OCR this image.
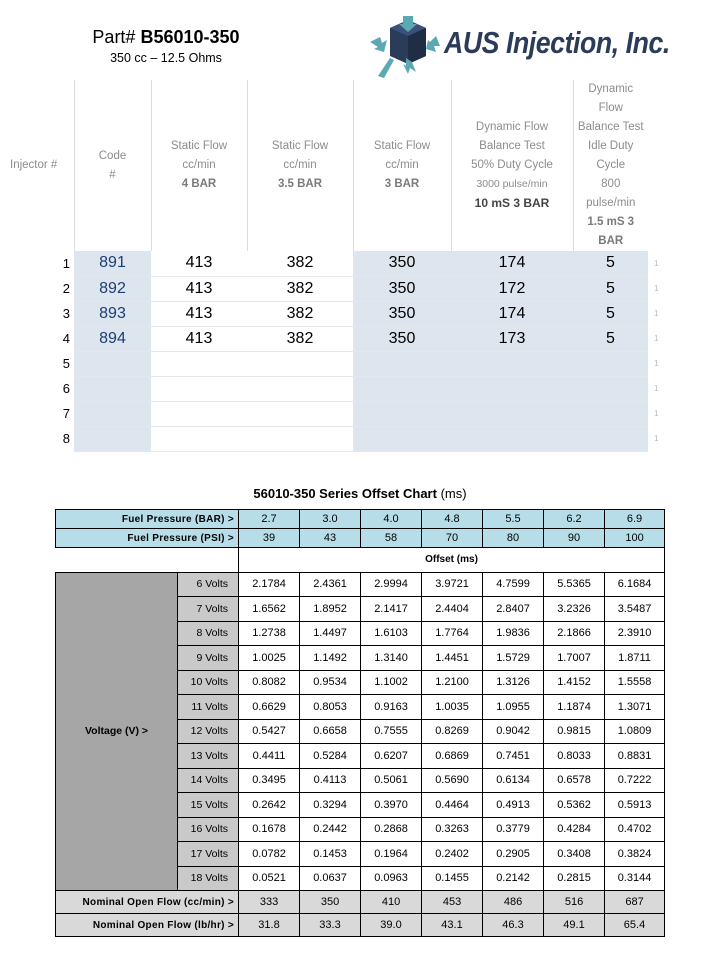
Part# B56010-350
350 cc – 12.5 Ohms	AUS Injection, Inc.
Injector #	Code
#	Static Flow
cc/min
4 BAR	Static Flow
cc/min
3.5 BAR	Static Flow
cc/min
3 BAR	Dynamic Flow
Balance Test
50% Duty Cycle
3000 pulse/min
10 mS 3 BAR	Dynamic Flow
Balance Test
Idle Duty Cycle
800 pulse/min
1.5 mS 3 BAR	
1	891	413	382	350	174	5	1
2	892	413	382	350	172	5	1
3	893	413	382	350	174	5	1
4	894	413	382	350	173	5	1
5							1
6							1
7							1
8							1
56010-350 Series Offset Chart (ms)
Fuel Pressure (BAR) >		2.7	3.0	4.0	4.8	5.5	6.2	6.9
Fuel Pressure (PSI) >		39	43	58	70	80	90	100
		Offset (ms)						
Voltage (V) >	6 Volts	2.1784	2.4361	2.9994	3.9721	4.7599	5.5365	6.1684
	7 Volts	1.6562	1.8952	2.1417	2.4404	2.8407	3.2326	3.5487
	8 Volts	1.2738	1.4497	1.6103	1.7764	1.9836	2.1866	2.3910
	9 Volts	1.0025	1.1492	1.3140	1.4451	1.5729	1.7007	1.8711
	10 Volts	0.8082	0.9534	1.1002	1.2100	1.3126	1.4152	1.5558
	11 Volts	0.6629	0.8053	0.9163	1.0035	1.0955	1.1874	1.3071
	12 Volts	0.5427	0.6658	0.7555	0.8269	0.9042	0.9815	1.0809
	13 Volts	0.4411	0.5284	0.6207	0.6869	0.7451	0.8033	0.8831
	14 Volts	0.3495	0.4113	0.5061	0.5690	0.6134	0.6578	0.7222
	15 Volts	0.2642	0.3294	0.3970	0.4464	0.4913	0.5362	0.5913
	16 Volts	0.1678	0.2442	0.2868	0.3263	0.3779	0.4284	0.4702
	17 Volts	0.0782	0.1453	0.1964	0.2402	0.2905	0.3408	0.3824
	18 Volts	0.0521	0.0637	0.0963	0.1455	0.2142	0.2815	0.3144
Nominal Open Flow (cc/min) >		333	350	410	453	486	516	687
Nominal Open Flow (lb/hr) >		31.8	33.3	39.0	43.1	46.3	49.1	65.4
